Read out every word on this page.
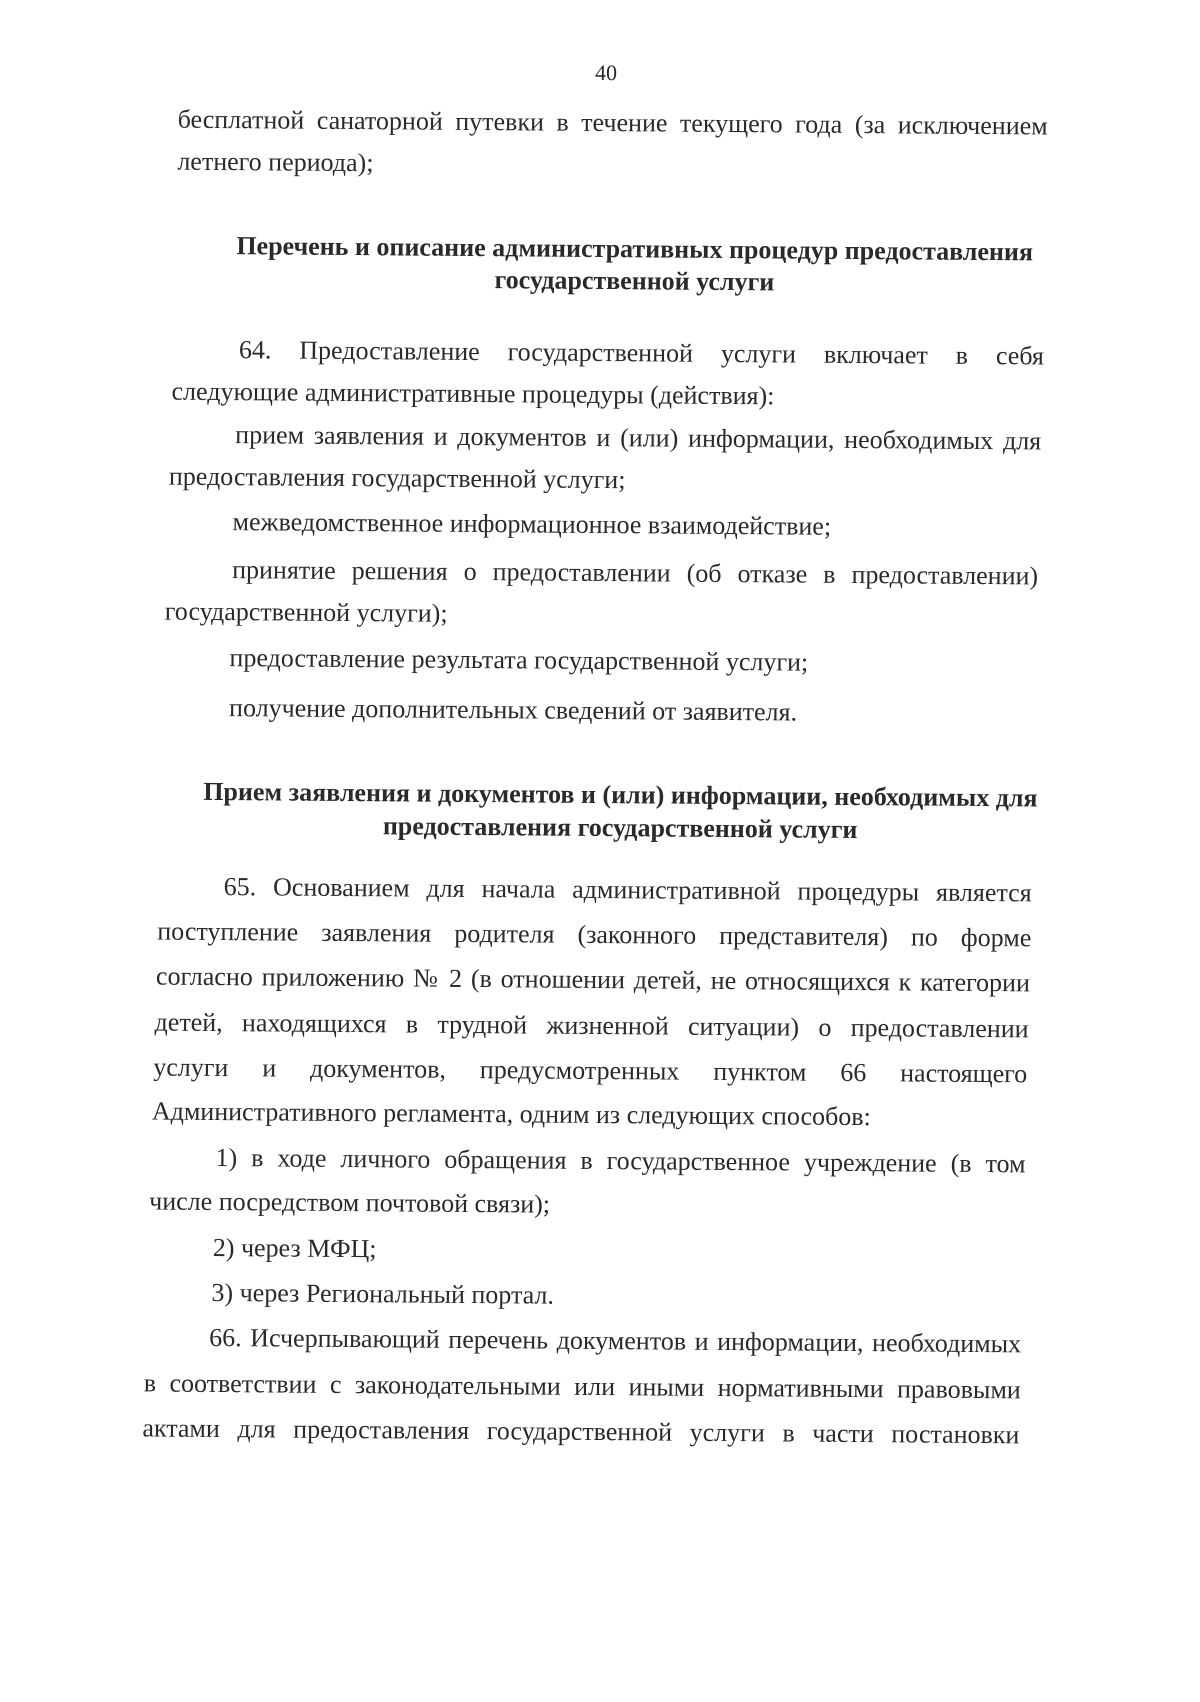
40
бесплатной санаторной путевки в течение текущего года (за исключением
летнего периода);
Перечень и описание административных процедур предоставления
государственной услуги
64. Предоставление государственной услуги включает в себя
следующие административные процедуры (действия):
прием заявления и документов и (или) информации, необходимых для
предоставления государственной услуги;
межведомственное информационное взаимодействие;
принятие решения о предоставлении (об отказе в предоставлении)
государственной услуги);
предоставление результата государственной услуги;
получение дополнительных сведений от заявителя.
Прием заявления и документов и (или) информации, необходимых для
предоставления государственной услуги
65. Основанием для начала административной процедуры является
поступление заявления родителя (законного представителя) по форме
согласно приложению № 2 (в отношении детей, не относящихся к категории
детей, находящихся в трудной жизненной ситуации) о предоставлении
услуги и документов, предусмотренных пунктом 66 настоящего
Административного регламента, одним из следующих способов:
1) в ходе личного обращения в государственное учреждение (в том
числе посредством почтовой связи);
2) через МФЦ;
3) через Региональный портал.
66. Исчерпывающий перечень документов и информации, необходимых
в соответствии с законодательными или иными нормативными правовыми
актами для предоставления государственной услуги в части постановки
